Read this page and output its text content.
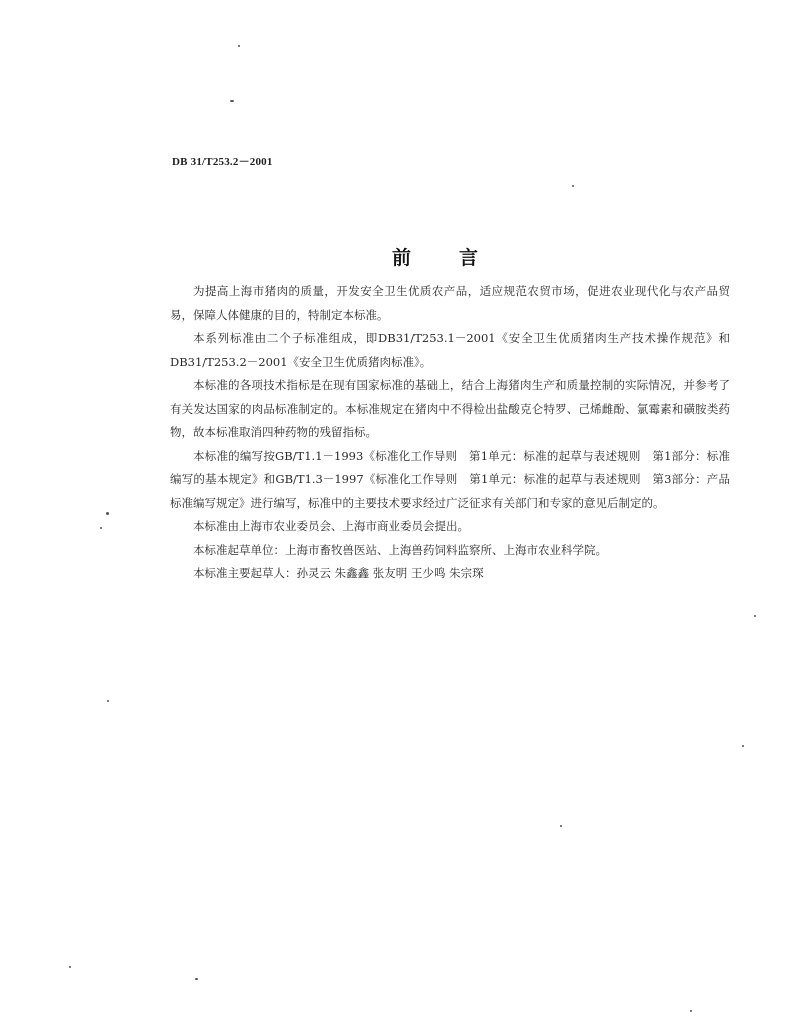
DB 31/T253.2－2001
前言

为提高上海市猪肉的质量，开发安全卫生优质农产品，适应规范农贸市场，促进农业现代化与农产品贸易，保障人体健康的目的，特制定本标准。

本系列标准由二个子标准组成，即DB31/T253.1－2001《安全卫生优质猪肉生产技术操作规范》和DB31/T253.2－2001《安全卫生优质猪肉标准》。

本标准的各项技术指标是在现有国家标准的基础上，结合上海猪肉生产和质量控制的实际情况，并参考了有关发达国家的肉品标准制定的。本标准规定在猪肉中不得检出盐酸克仑特罗、己烯雌酚、氯霉素和磺胺类药物，故本标准取消四种药物的残留指标。

本标准的编写按GB/T1.1－1993《标准化工作导则　第1单元：标准的起草与表述规则　第1部分：标准编写的基本规定》和GB/T1.3－1997《标准化工作导则　第1单元：标准的起草与表述规则　第3部分：产品标准编写规定》进行编写，标准中的主要技术要求经过广泛征求有关部门和专家的意见后制定的。

本标准由上海市农业委员会、上海市商业委员会提出。

本标准起草单位：上海市畜牧兽医站、上海兽药饲料监察所、上海市农业科学院。

本标准主要起草人：孙灵云 朱鑫鑫 张友明 王少鸣 朱宗琛
